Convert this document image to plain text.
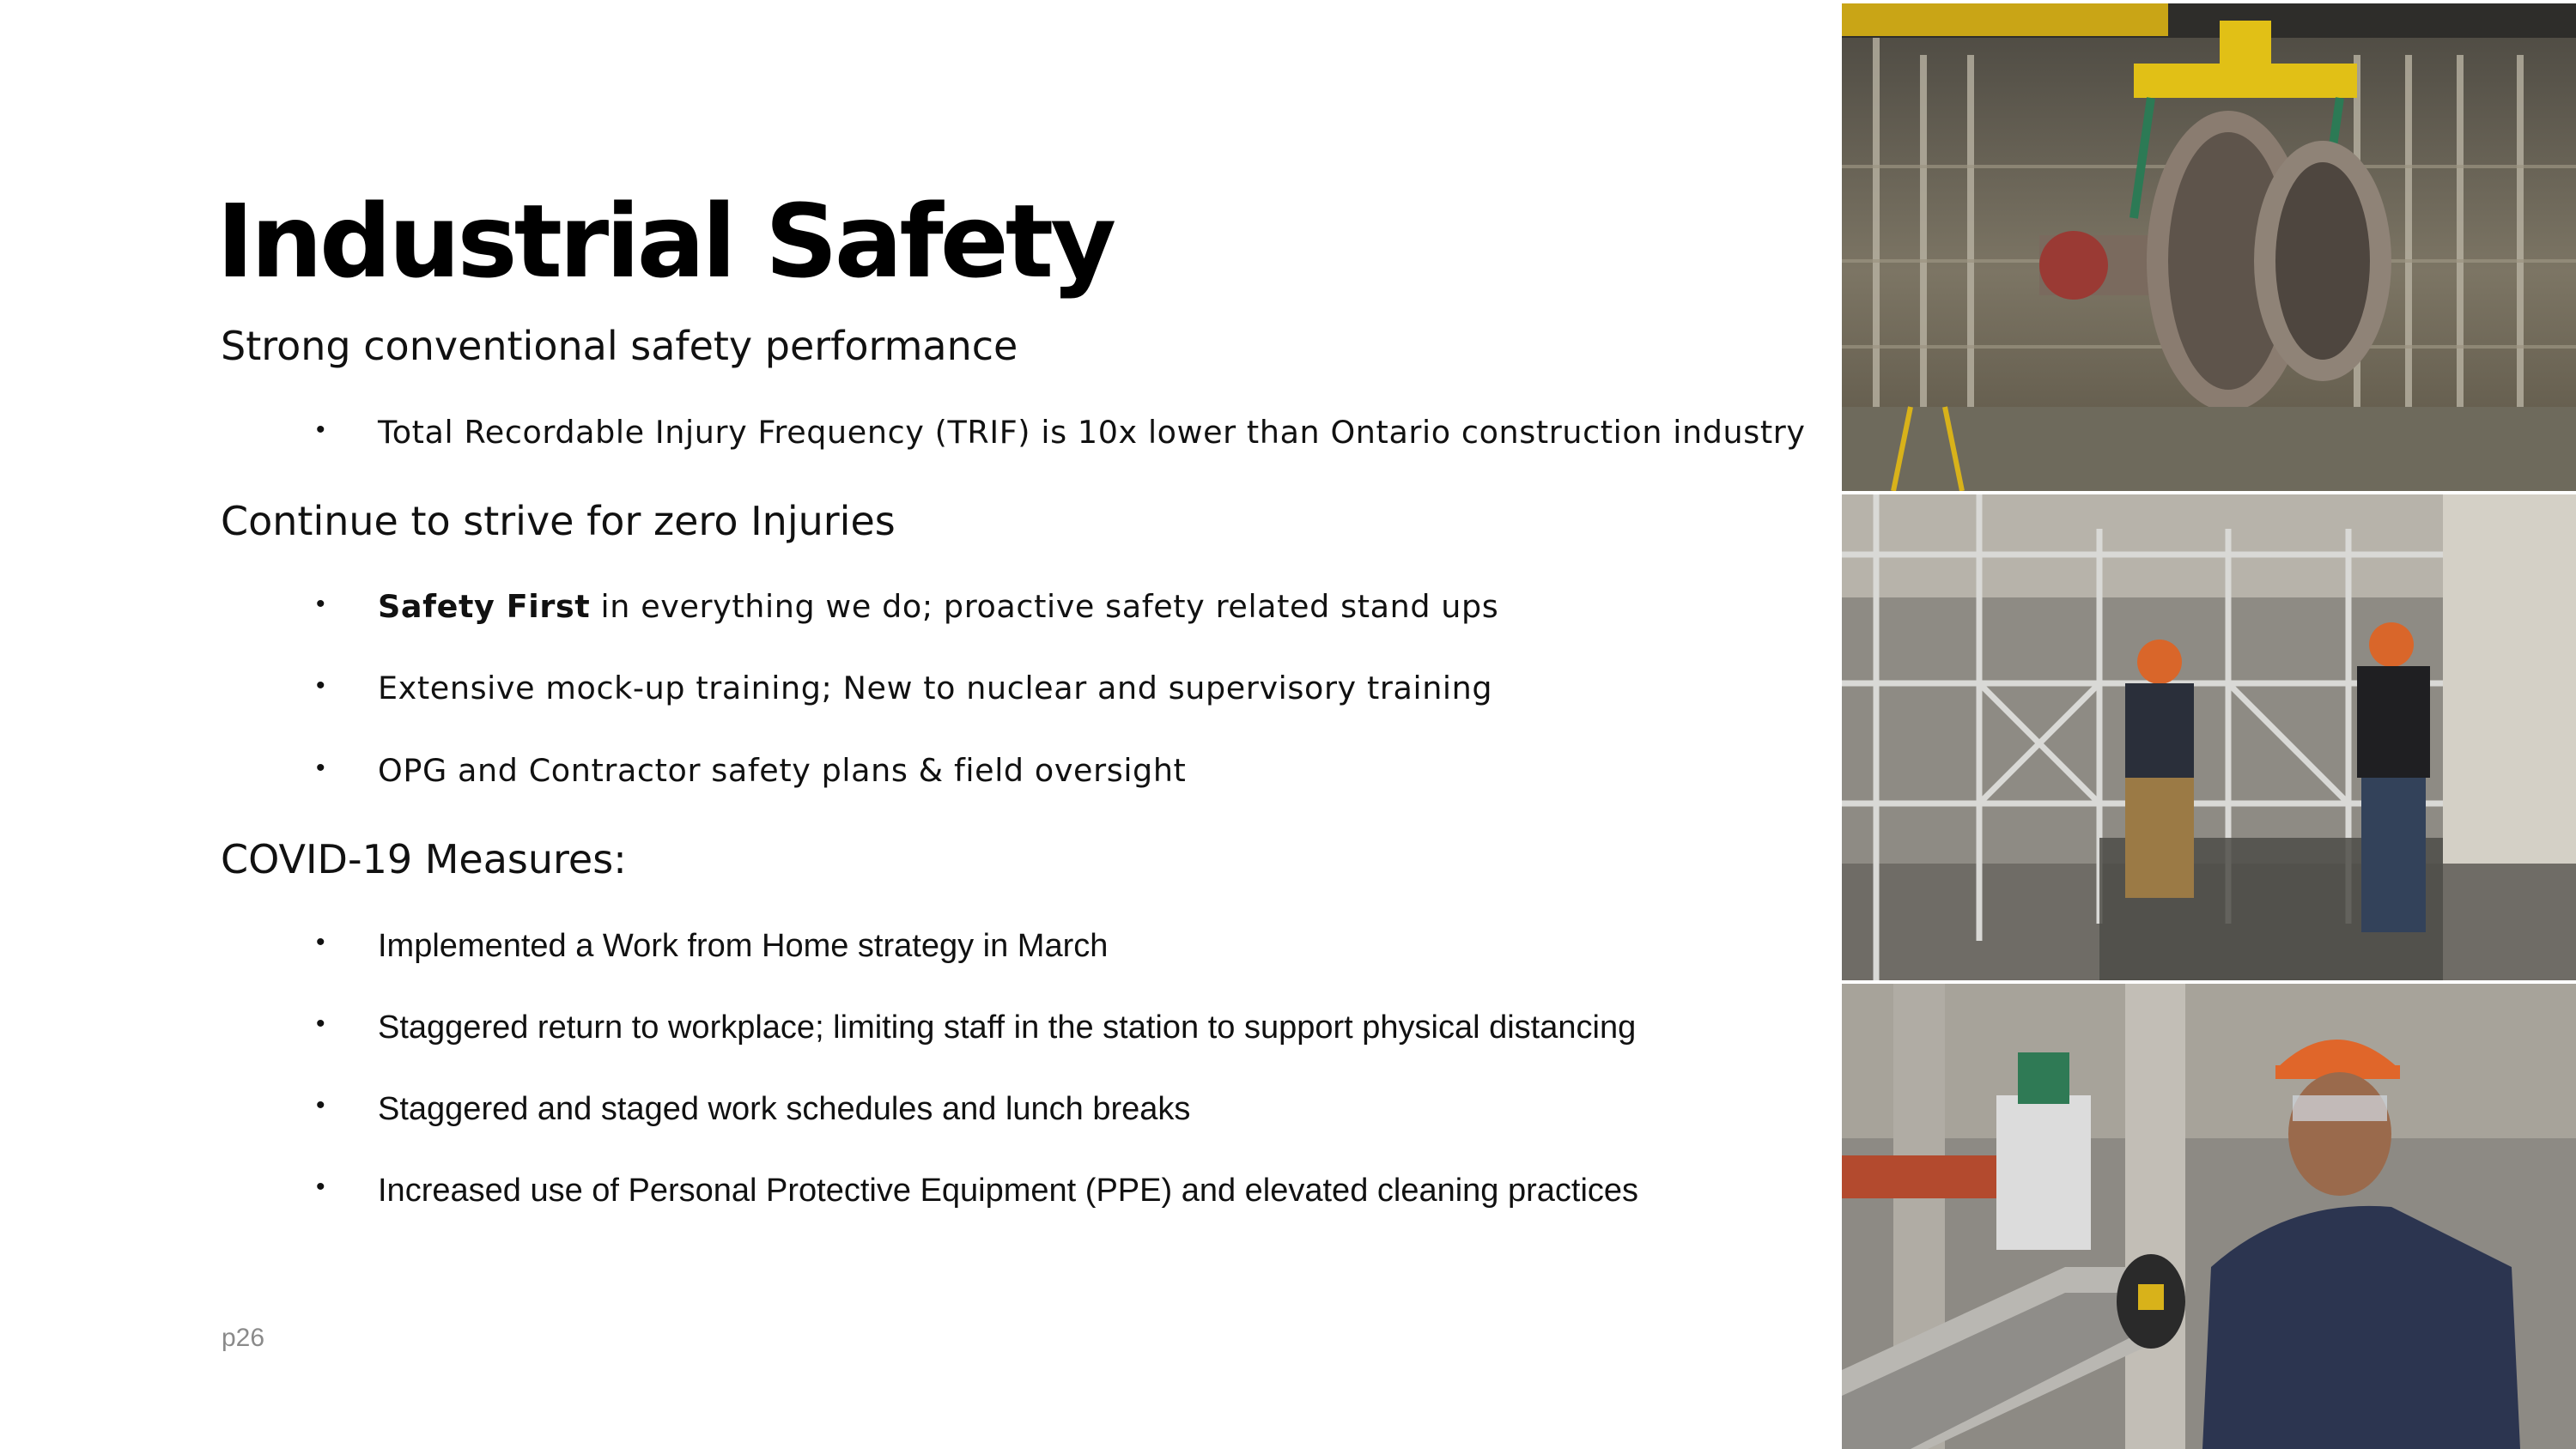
Industrial Safety
Strong conventional safety performance
• Total Recordable Injury Frequency (TRIF) is 10x lower than Ontario construction industry
Continue to strive for zero Injuries
• Safety First in everything we do; proactive safety related stand ups
• Extensive mock-up training; New to nuclear and supervisory training
• OPG and Contractor safety plans & field oversight
COVID-19 Measures:
• Implemented a Work from Home strategy in March
• Staggered return to workplace; limiting staff in the station to support physical distancing
• Staggered and staged work schedules and lunch breaks
• Increased use of Personal Protective Equipment (PPE) and elevated cleaning practices
p26
